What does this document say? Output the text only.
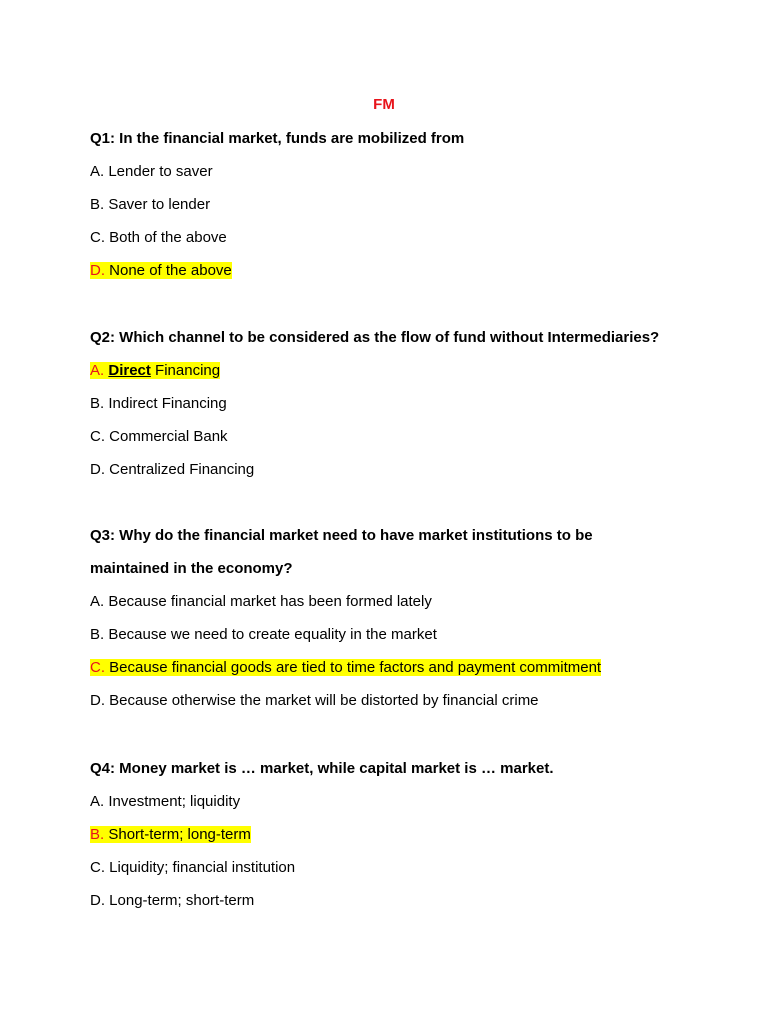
FM
Q1: In the financial market, funds are mobilized from
A. Lender to saver
B. Saver to lender
C. Both of the above
D. None of the above
Q2: Which channel to be considered as the flow of fund without Intermediaries?
A. Direct Financing
B. Indirect Financing
C. Commercial Bank
D. Centralized Financing
Q3: Why do the financial market need to have market institutions to be
maintained in the economy?
A. Because financial market has been formed lately
B. Because we need to create equality in the market
C. Because financial goods are tied to time factors and payment commitment
D. Because otherwise the market will be distorted by financial crime
Q4: Money market is … market, while capital market is … market.
A. Investment; liquidity
B. Short-term; long-term
C. Liquidity; financial institution
D. Long-term; short-term
